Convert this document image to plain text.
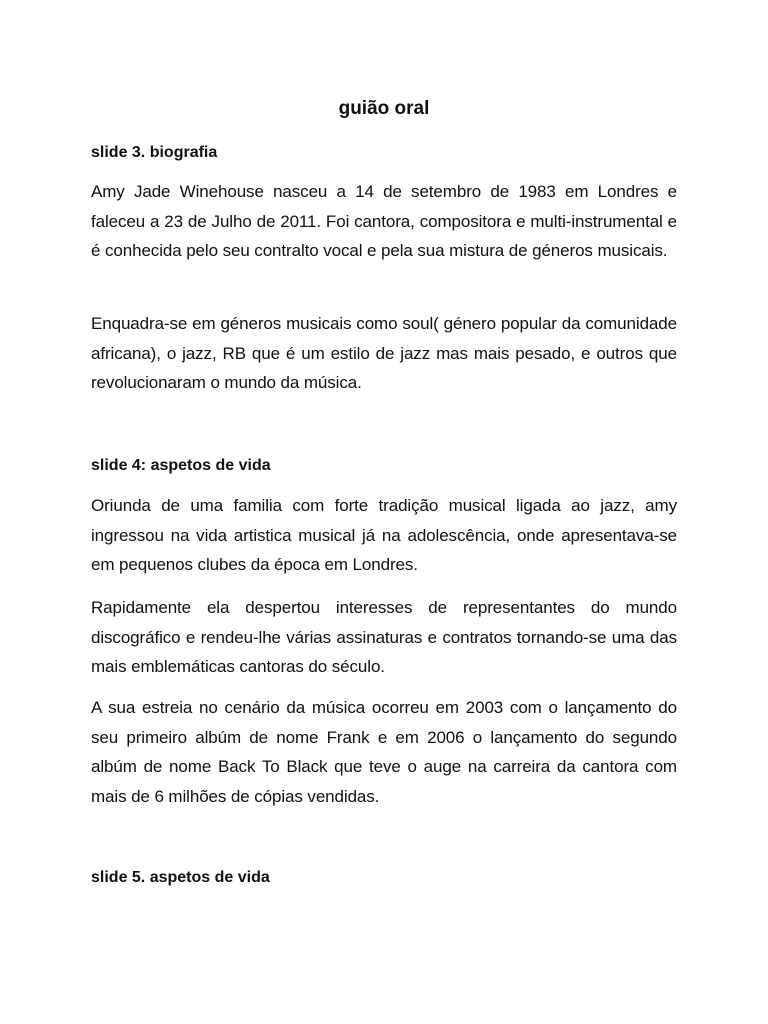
guião oral
slide 3. biografia

Amy Jade Winehouse nasceu a 14 de setembro de 1983 em Londres e faleceu a 23 de Julho de 2011. Foi cantora, compositora e multi-instrumental e é conhecida pelo seu contralto vocal e pela sua mistura de géneros musicais.

Enquadra-se em géneros musicais como soul( género popular da comunidade africana), o jazz, RB que é um estilo de jazz mas mais pesado, e outros que revolucionaram o mundo da música.

slide 4: aspetos de vida

Oriunda de uma familia com forte tradição musical ligada ao jazz, amy ingressou na vida artistica musical já na adolescência, onde apresentava-se em pequenos clubes da época em Londres.

Rapidamente ela despertou interesses de representantes do mundo discográfico e rendeu-lhe várias assinaturas e contratos tornando-se uma das mais emblemáticas cantoras do século.

A sua estreia no cenário da música ocorreu em 2003 com o lançamento do seu primeiro albúm de nome Frank e em 2006 o lançamento do segundo albúm de nome Back To Black que teve o auge na carreira da cantora com mais de 6 milhões de cópias vendidas.

slide 5. aspetos de vida
